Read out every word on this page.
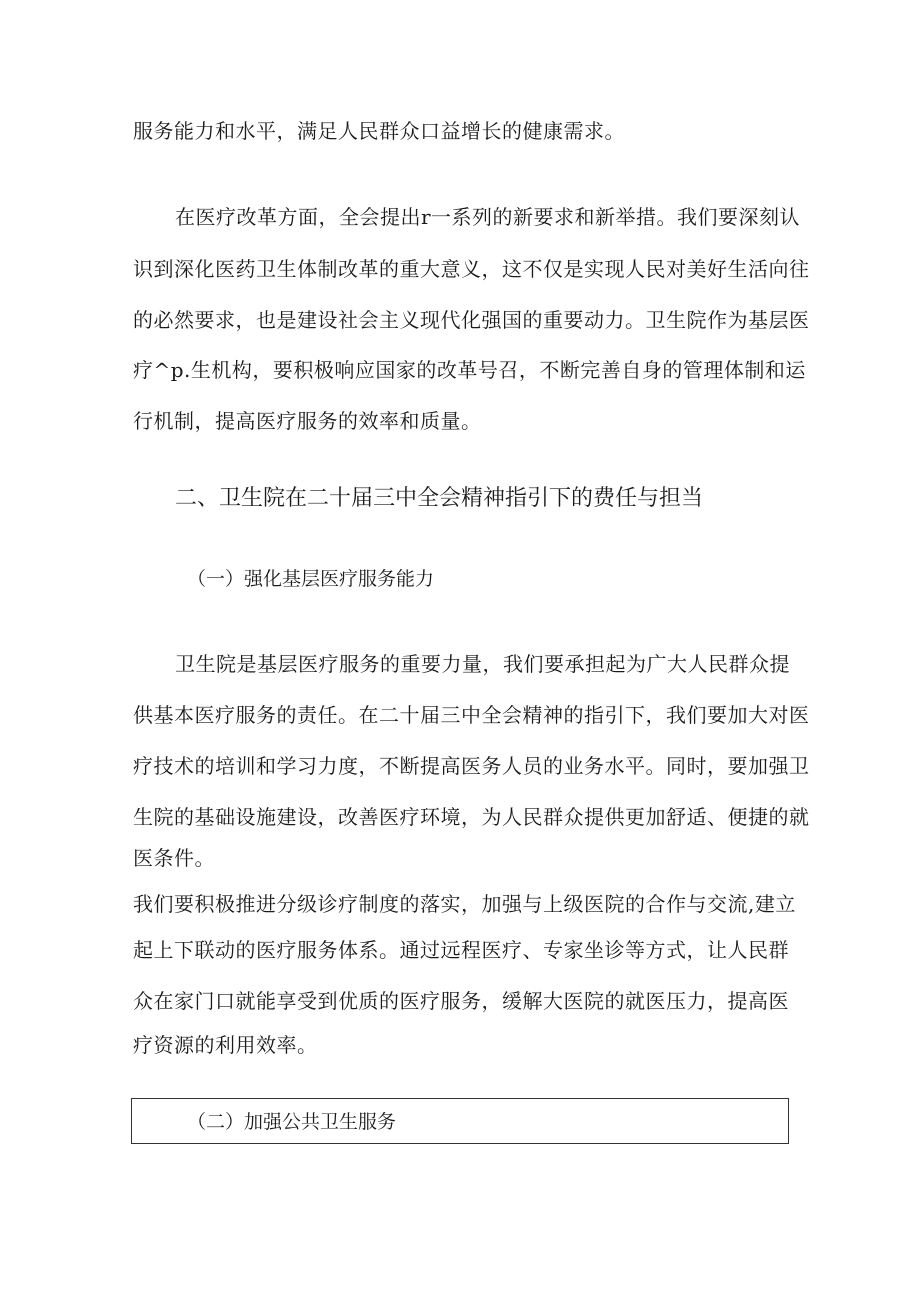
服务能力和水平，满足人民群众口益增长的健康需求。
在医疗改革方面，全会提出r一系列的新要求和新举措。我们要深刻认
识到深化医药卫生体制改革的重大意义，这不仅是实现人民对美好生活向往
的必然要求，也是建设社会主义现代化强国的重要动力。卫生院作为基层医
疗^p.生机构，要积极响应国家的改革号召，不断完善自身的管理体制和运
行机制，提高医疗服务的效率和质量。
二、卫生院在二十届三中全会精神指引下的费任与担当
（一）强化基层医疗服务能力
卫生院是基层医疗服务的重要力量，我们要承担起为广大人民群众提
供基本医疗服务的责任。在二十届三中全会精神的指引下，我们要加大对医
疗技术的培训和学习力度，不断提高医务人员的业务水平。同时，要加强卫
生院的基础设施建设，改善医疗环境，为人民群众提供更加舒适、便捷的就
医条件。
我们要积极推进分级诊疗制度的落实，加强与上级医院的合作与交流,建立
起上下联动的医疗服务体系。通过远程医疗、专家坐诊等方式，让人民群
众在家门口就能享受到优质的医疗服务，缓解大医院的就医压力，提高医
疗资源的利用效率。
（二）加强公共卫生服务
